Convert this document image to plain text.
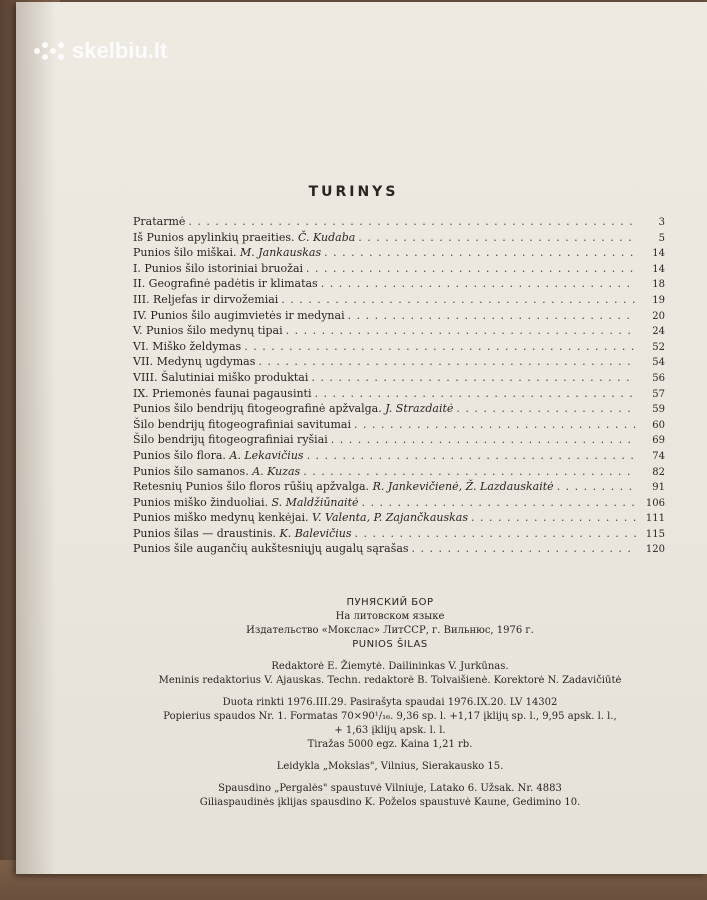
skelbiu.lt
TURINYS
Pratarmė . . .	3
Iš Punios apylinkių praeities. Č. Kudaba . . .	5
Punios šilo miškai. M. Jankauskas . . .	14
I. Punios šilo istoriniai bruožai . . .	14
II. Geografinė padėtis ir klimatas . . .	18
III. Reljefas ir dirvožemiai . . .	19
IV. Punios šilo augimvietės ir medynai . . .	20
V. Punios šilo medynų tipai . . .	24
VI. Miško želdymas . . .	52
VII. Medynų ugdymas . . .	54
VIII. Šalutiniai miško produktai . . .	56
IX. Priemonės faunai pagausinti . . .	57
Punios šilo bendrijų fitogeografinė apžvalga. J. Strazdaitė . . .	59
Šilo bendrijų fitogeografiniai savitumai . . .	60
Šilo bendrijų fitogeografiniai ryšiai . . .	69
Punios šilo flora. A. Lekavičius . . .	74
Punios šilo samanos. A. Kuzas . . .	82
Retesnių Punios šilo floros rūšių apžvalga. R. Jankevičienė, Ž. Lazdauskaitė . . .	91
Punios miško žinduoliai. S. Maldžiūnaitė . . .	106
Punios miško medynų kenkėjai. V. Valenta, P. Zajančkauskas . . .	111
Punios šilas — draustinis. K. Balevičius . . .	115
Punios šile augančių aukštesniųjų augalų sąrašas . . .	120
ПУНЯСКИЙ БОР
На литовском языке
Издательство «Мокслас» ЛитССР, г. Вильнюс, 1976 г.
PUNIOS ŠILAS
Redaktorė E. Žiemytė. Dailininkas V. Jurkūnas.
Meninis redaktorius V. Ajauskas. Techn. redaktorė B. Tolvaišienė. Korektorė N. Zadavičiūtė
Duota rinkti 1976.III.29. Pasirašyta spaudai 1976.IX.20. LV 14302
Popierius spaudos Nr. 1. Formatas 70×90¹/₁₆. 9,36 sp. l. +1,17 įklijų sp. l., 9,95 apsk. l. l.,
+ 1,63 įklijų apsk. l. l.
Tiražas 5000 egz. Kaina 1,21 rb.
Leidykla „Mokslas", Vilnius, Sierakausko 15.
Spausdino „Pergalės" spaustuvė Vilniuje, Latako 6. Užsak. Nr. 4883
Giliaspaudinės įklijas spausdino K. Poželos spaustuvė Kaune, Gedimino 10.
